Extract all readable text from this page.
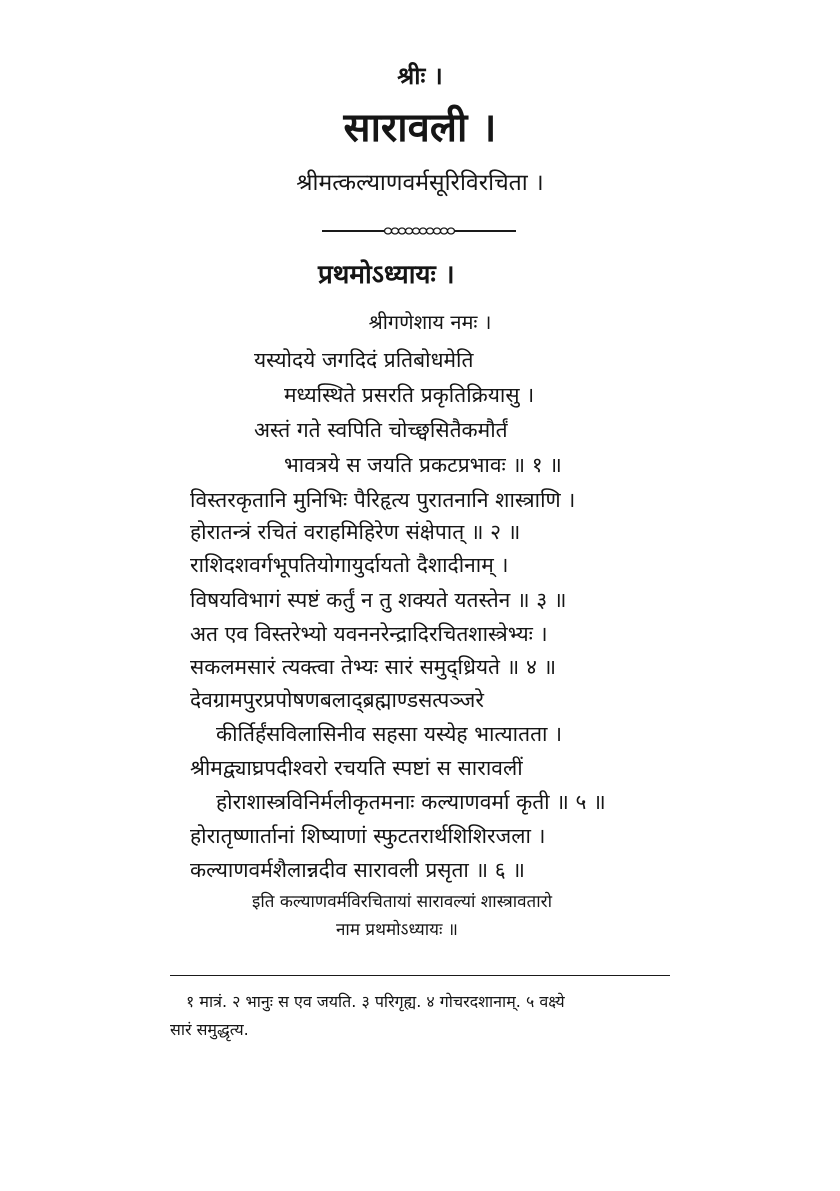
श्रीः ।
सारावली ।
श्रीमत्कल्याणवर्मसूरिविरचिता ।
प्रथमोऽध्यायः ।
श्रीगणेशाय नमः ।
यस्योदये जगदिदं प्रतिबोधमेति
मध्यस्थिते प्रसरति प्रकृतिक्रियासु ।
अस्तं गते स्वपिति चोच्छ्वसितैकमौर्तं
भावत्रये स जयति प्रकटप्रभावः ॥ १ ॥
विस्तरकृतानि मुनिभिः पैरिहृत्य पुरातनानि शास्त्राणि ।
होरातन्त्रं रचितं वराहमिहिरेण संक्षेपात् ॥ २ ॥
राशिदशवर्गभूपतियोगायुर्दायतो दैशादीनाम् ।
विषयविभागं स्पष्टं कर्तुं न तु शक्यते यतस्तेन ॥ ३ ॥
अत एव विस्तरेभ्यो यवननरेन्द्रादिरचितशास्त्रेभ्यः ।
सकलमसारं त्यक्त्वा तेभ्यः सारं समुद्ध्रियते ॥ ४ ॥
देवग्रामपुरप्रपोषणबलाद्ब्रह्माण्डसत्पञ्जरे
कीर्तिर्हंसविलासिनीव सहसा यस्येह भात्यातता ।
श्रीमद्व्याघ्रपदीश्वरो रचयति स्पष्टां स सारावलीं
होराशास्त्रविनिर्मलीकृतमनाः कल्याणवर्मा कृती ॥ ५ ॥
होरातृष्णार्तानां शिष्याणां स्फुटतरार्थशिशिरजला ।
कल्याणवर्मशैलान्नदीव सारावली प्रसृता ॥ ६ ॥
इति कल्याणवर्मविरचितायां सारावल्यां शास्त्रावतारो
नाम प्रथमोऽध्यायः ॥
१ मात्रं. २ भानुः स एव जयति. ३ परिगृह्य. ४ गोचरदशानाम्. ५ वक्ष्ये
सारं समुद्धृत्य.
